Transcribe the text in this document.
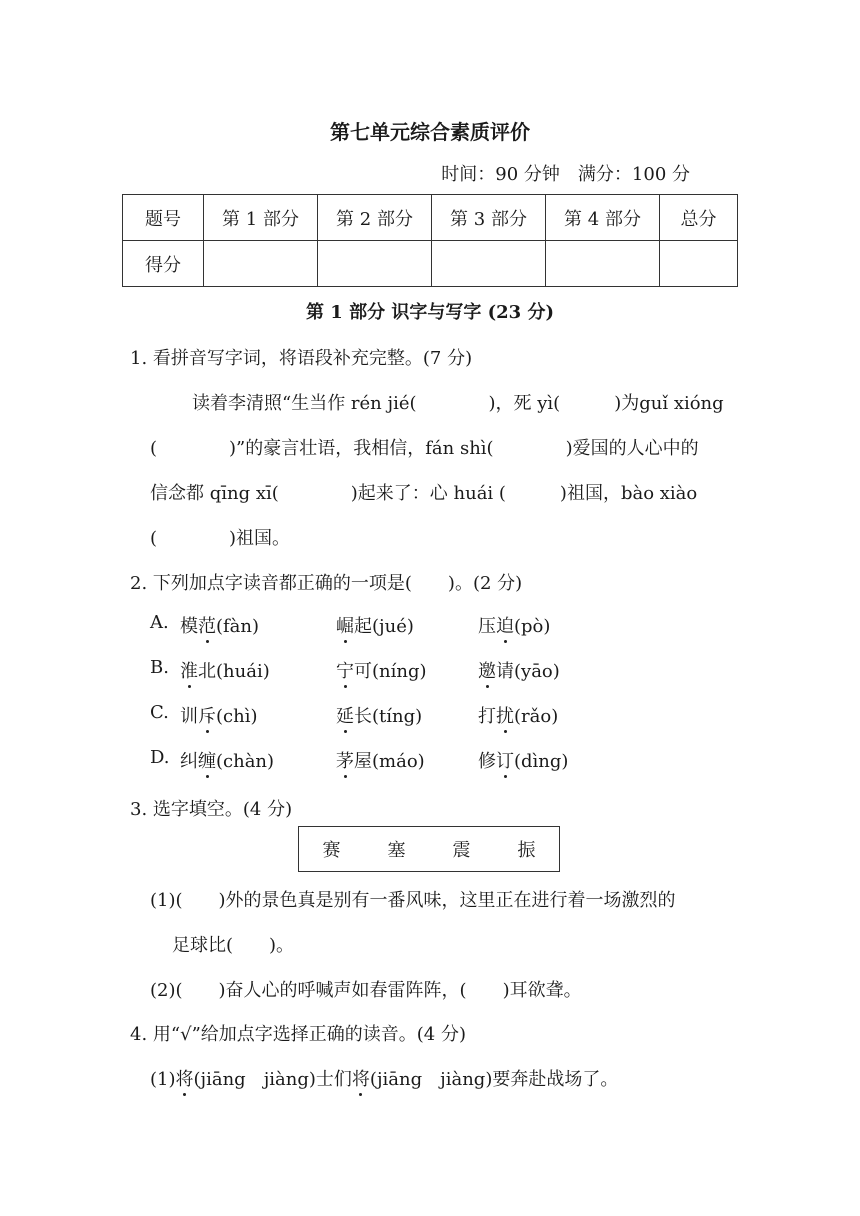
第七单元综合素质评价
时间：90 分钟　满分：100 分
题号	第 1 部分	第 2 部分	第 3 部分	第 4 部分	总分
得分					
第 1 部分 识字与写字 (23 分)
1. 看拼音写字词，将语段补充完整。(7 分)
读着李清照“生当作 rén jié(　　　　)，死 yì(　　　)为guǐ xióng
(　　　　)”的豪言壮语，我相信，fán shì(　　　　)爱国的人心中的
信念都 qīng xī(　　　　)起来了：心 huái (　　　)祖国，bào xiào
(　　　　)祖国。
2. 下列加点字读音都正确的一项是(　　)。(2 分)
A. 模范(fàn)	崛起(jué)	压迫(pò)
B. 淮北(huái)	宁可(níng)	邀请(yāo)
C. 训斥(chì)	延长(tíng)	打扰(rǎo)
D. 纠缠(chàn)	茅屋(máo)	修订(dìng)
3. 选字填空。(4 分)
赛	塞	震	振
(1)(　　)外的景色真是别有一番风味，这里正在进行着一场激烈的
足球比(　　)。
(2)(　　)奋人心的呼喊声如春雷阵阵，(　　)耳欲聋。
4. 用“√”给加点字选择正确的读音。(4 分)
(1)将(jiāng　jiàng)士们将(jiāng　jiàng)要奔赴战场了。
